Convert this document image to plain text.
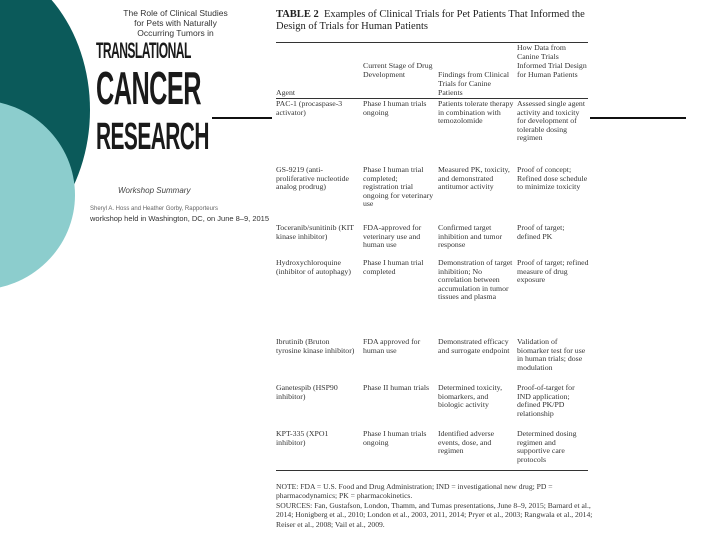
The Role of Clinical Studies
for Pets with Naturally
Occurring Tumors in
TRANSLATIONAL
CANCER
RESEARCH
Workshop Summary
Sheryl A. Hoss and Heather Gorby, Rapporteurs
workshop held in Washington, DC, on June 8–9, 2015
TABLE 2 Examples of Clinical Trials for Pet Patients That Informed the Design of Trials for Human Patients
Agent
Current Stage of Drug Development	Findings from Clinical Trials for Canine Patients
How Data from Canine Trials Informed Trial Design for Human Patients
PAC-1 (procaspase-3 activator)
Phase I human trials ongoing
Patients tolerate therapy in combination with temozolomide
Assessed single agent activity and toxicity for development of tolerable dosing regimen
GS-9219 (anti-proliferative nucleotide analog prodrug)
Phase I human trial completed; registration trial ongoing for veterinary use
Measured PK, toxicity, and demonstrated antitumor activity
Proof of concept; Refined dose schedule to minimize toxicity
Toceranib/sunitinib (KIT kinase inhibitor)
FDA-approved for veterinary use and human use
Confirmed target inhibition and tumor response
Proof of target; defined PK
Hydroxychloroquine (inhibitor of autophagy)
Phase I human trial completed
Demonstration of target inhibition; No correlation between accumulation in tumor tissues and plasma
Proof of target; refined measure of drug exposure
Ibrutinib (Bruton tyrosine kinase inhibitor)
FDA approved for human use
Demonstrated efficacy and surrogate endpoint
Validation of biomarker test for use in human trials; dose modulation
Ganetespib (HSP90 inhibitor)
Phase II human trials	Determined toxicity, biomarkers, and biologic activity
Proof-of-target for IND application; defined PK/PD relationship
KPT-335 (XPO1 inhibitor)
Phase I human trials ongoing
Identified adverse events, dose, and regimen
Determined dosing regimen and supportive care protocols

NOTE: FDA = U.S. Food and Drug Administration; IND = investigational new drug; PD = pharmacodynamics; PK = pharmacokinetics.

SOURCES: Fan, Gustafson, London, Thamm, and Tumas presentations, June 8–9, 2015; Barnard et al., 2014; Honigberg et al., 2010; London et al., 2003, 2011, 2014; Pryer et al., 2003; Rangwala et al., 2014; Reiser et al., 2008; Vail et al., 2009.
